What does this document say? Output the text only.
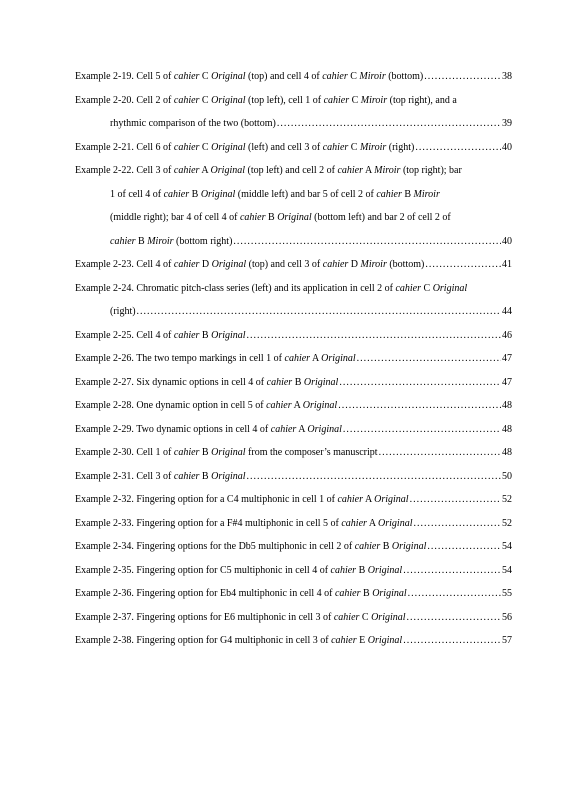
Example 2-19. Cell 5 of cahier C Original (top) and cell 4 of cahier C Miroir (bottom) .....	38
Example 2-20. Cell 2 of cahier C Original (top left), cell 1 of cahier C Miroir (top right), and a
rhythmic comparison of the two (bottom) .....	39
Example 2-21. Cell 6 of cahier C Original (left) and cell 3 of cahier C Miroir (right) .....	40
Example 2-22. Cell 3 of cahier A Original (top left) and cell 2 of cahier A Miroir (top right); bar
1 of cell 4 of cahier B Original (middle left) and bar 5 of cell 2 of cahier B Miroir
(middle right); bar 4 of cell 4 of cahier B Original (bottom left) and bar 2 of cell 2 of
cahier B Miroir (bottom right) .....	40
Example 2-23. Cell 4 of cahier D Original (top) and cell 3 of cahier D Miroir (bottom) .....	41
Example 2-24. Chromatic pitch-class series (left) and its application in cell 2 of cahier C Original
(right) .....	44
Example 2-25. Cell 4 of cahier B Original .....	46
Example 2-26. The two tempo markings in cell 1 of cahier A Original .....	47
Example 2-27. Six dynamic options in cell 4 of cahier B Original .....	47
Example 2-28. One dynamic option in cell 5 of cahier A Original .....	48
Example 2-29. Two dynamic options in cell 4 of cahier A Original .....	48
Example 2-30. Cell 1 of cahier B Original from the composer’s manuscript .....	48
Example 2-31. Cell 3 of cahier B Original .....	50
Example 2-32. Fingering option for a C4 multiphonic in cell 1 of cahier A Original .....	52
Example 2-33. Fingering option for a F#4 multiphonic in cell 5 of cahier A Original .....	52
Example 2-34. Fingering options for the Db5 multiphonic in cell 2 of cahier B Original .....	54
Example 2-35. Fingering option for C5 multiphonic in cell 4 of cahier B Original .....	54
Example 2-36. Fingering option for Eb4 multiphonic in cell 4 of cahier B Original .....	55
Example 2-37. Fingering options for E6 multiphonic in cell 3 of cahier C Original .....	56
Example 2-38. Fingering option for G4 multiphonic in cell 3 of cahier E Original .....	57
